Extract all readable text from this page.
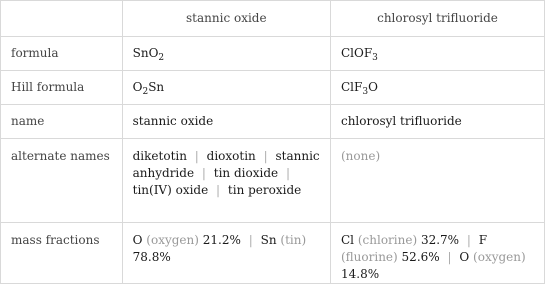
	stannic oxide	chlorosyl trifluoride
formula	SnO$_2$	ClOF$_3$
Hill formula	$O_2Sn$	ClF$_3$O
name	stannic oxide	chlorosyl trifluoride
alternate names	diketotin | dioxotin | stannic anhydride | tin dioxide | tin(IV) oxide | tin peroxide	(none)
mass fractions	O (oxygen) 21.2% | Sn (tin) 78.8%	Cl (chlorine) 32.7% | F (fluorine) 52.6% | O (oxygen) 14.8%
